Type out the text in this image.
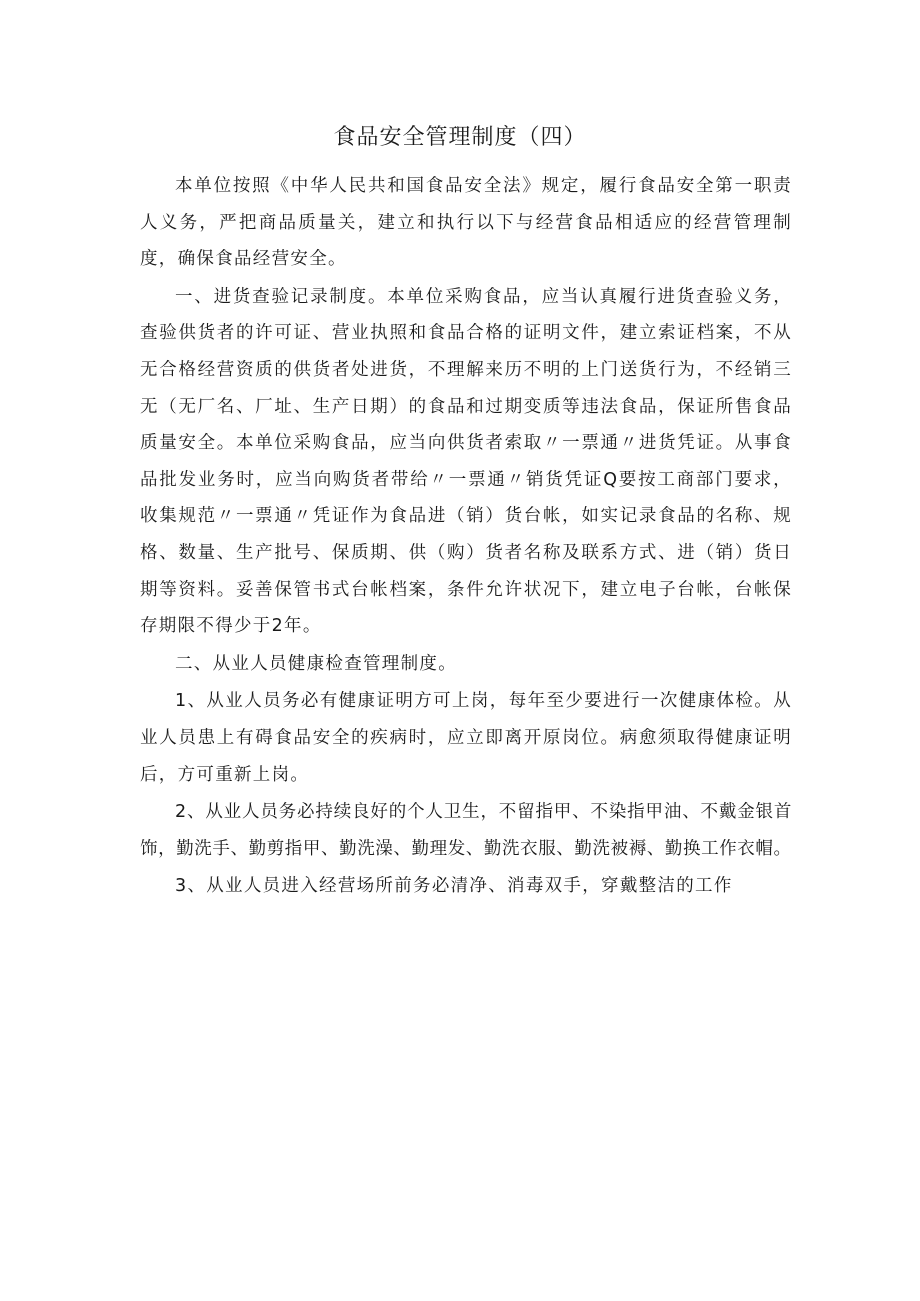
食品安全管理制度（四）

本单位按照《中华人民共和国食品安全法》规定，履行食品安全第一职责人义务，严把商品质量关，建立和执行以下与经营食品相适应的经营管理制度，确保食品经营安全。

一、进货查验记录制度。本单位采购食品，应当认真履行进货查验义务，查验供货者的许可证、营业执照和食品合格的证明文件，建立索证档案，不从无合格经营资质的供货者处进货，不理解来历不明的上门送货行为，不经销三无（无厂名、厂址、生产日期）的食品和过期变质等违法食品，保证所售食品质量安全。本单位采购食品，应当向供货者索取〃一票通〃进货凭证。从事食品批发业务时，应当向购货者带给〃一票通〃销货凭证Q要按工商部门要求，收集规范〃一票通〃凭证作为食品进（销）货台帐，如实记录食品的名称、规格、数量、生产批号、保质期、供（购）货者名称及联系方式、进（销）货日期等资料。妥善保管书式台帐档案，条件允许状况下，建立电子台帐，台帐保存期限不得少于2年。

二、从业人员健康检查管理制度。

1、从业人员务必有健康证明方可上岗，每年至少要进行一次健康体检。从业人员患上有碍食品安全的疾病时，应立即离开原岗位。病愈须取得健康证明后，方可重新上岗。

2、从业人员务必持续良好的个人卫生，不留指甲、不染指甲油、不戴金银首饰，勤洗手、勤剪指甲、勤洗澡、勤理发、勤洗衣服、勤洗被褥、勤换工作衣帽。

3、从业人员进入经营场所前务必清净、消毒双手，穿戴整洁的工作
